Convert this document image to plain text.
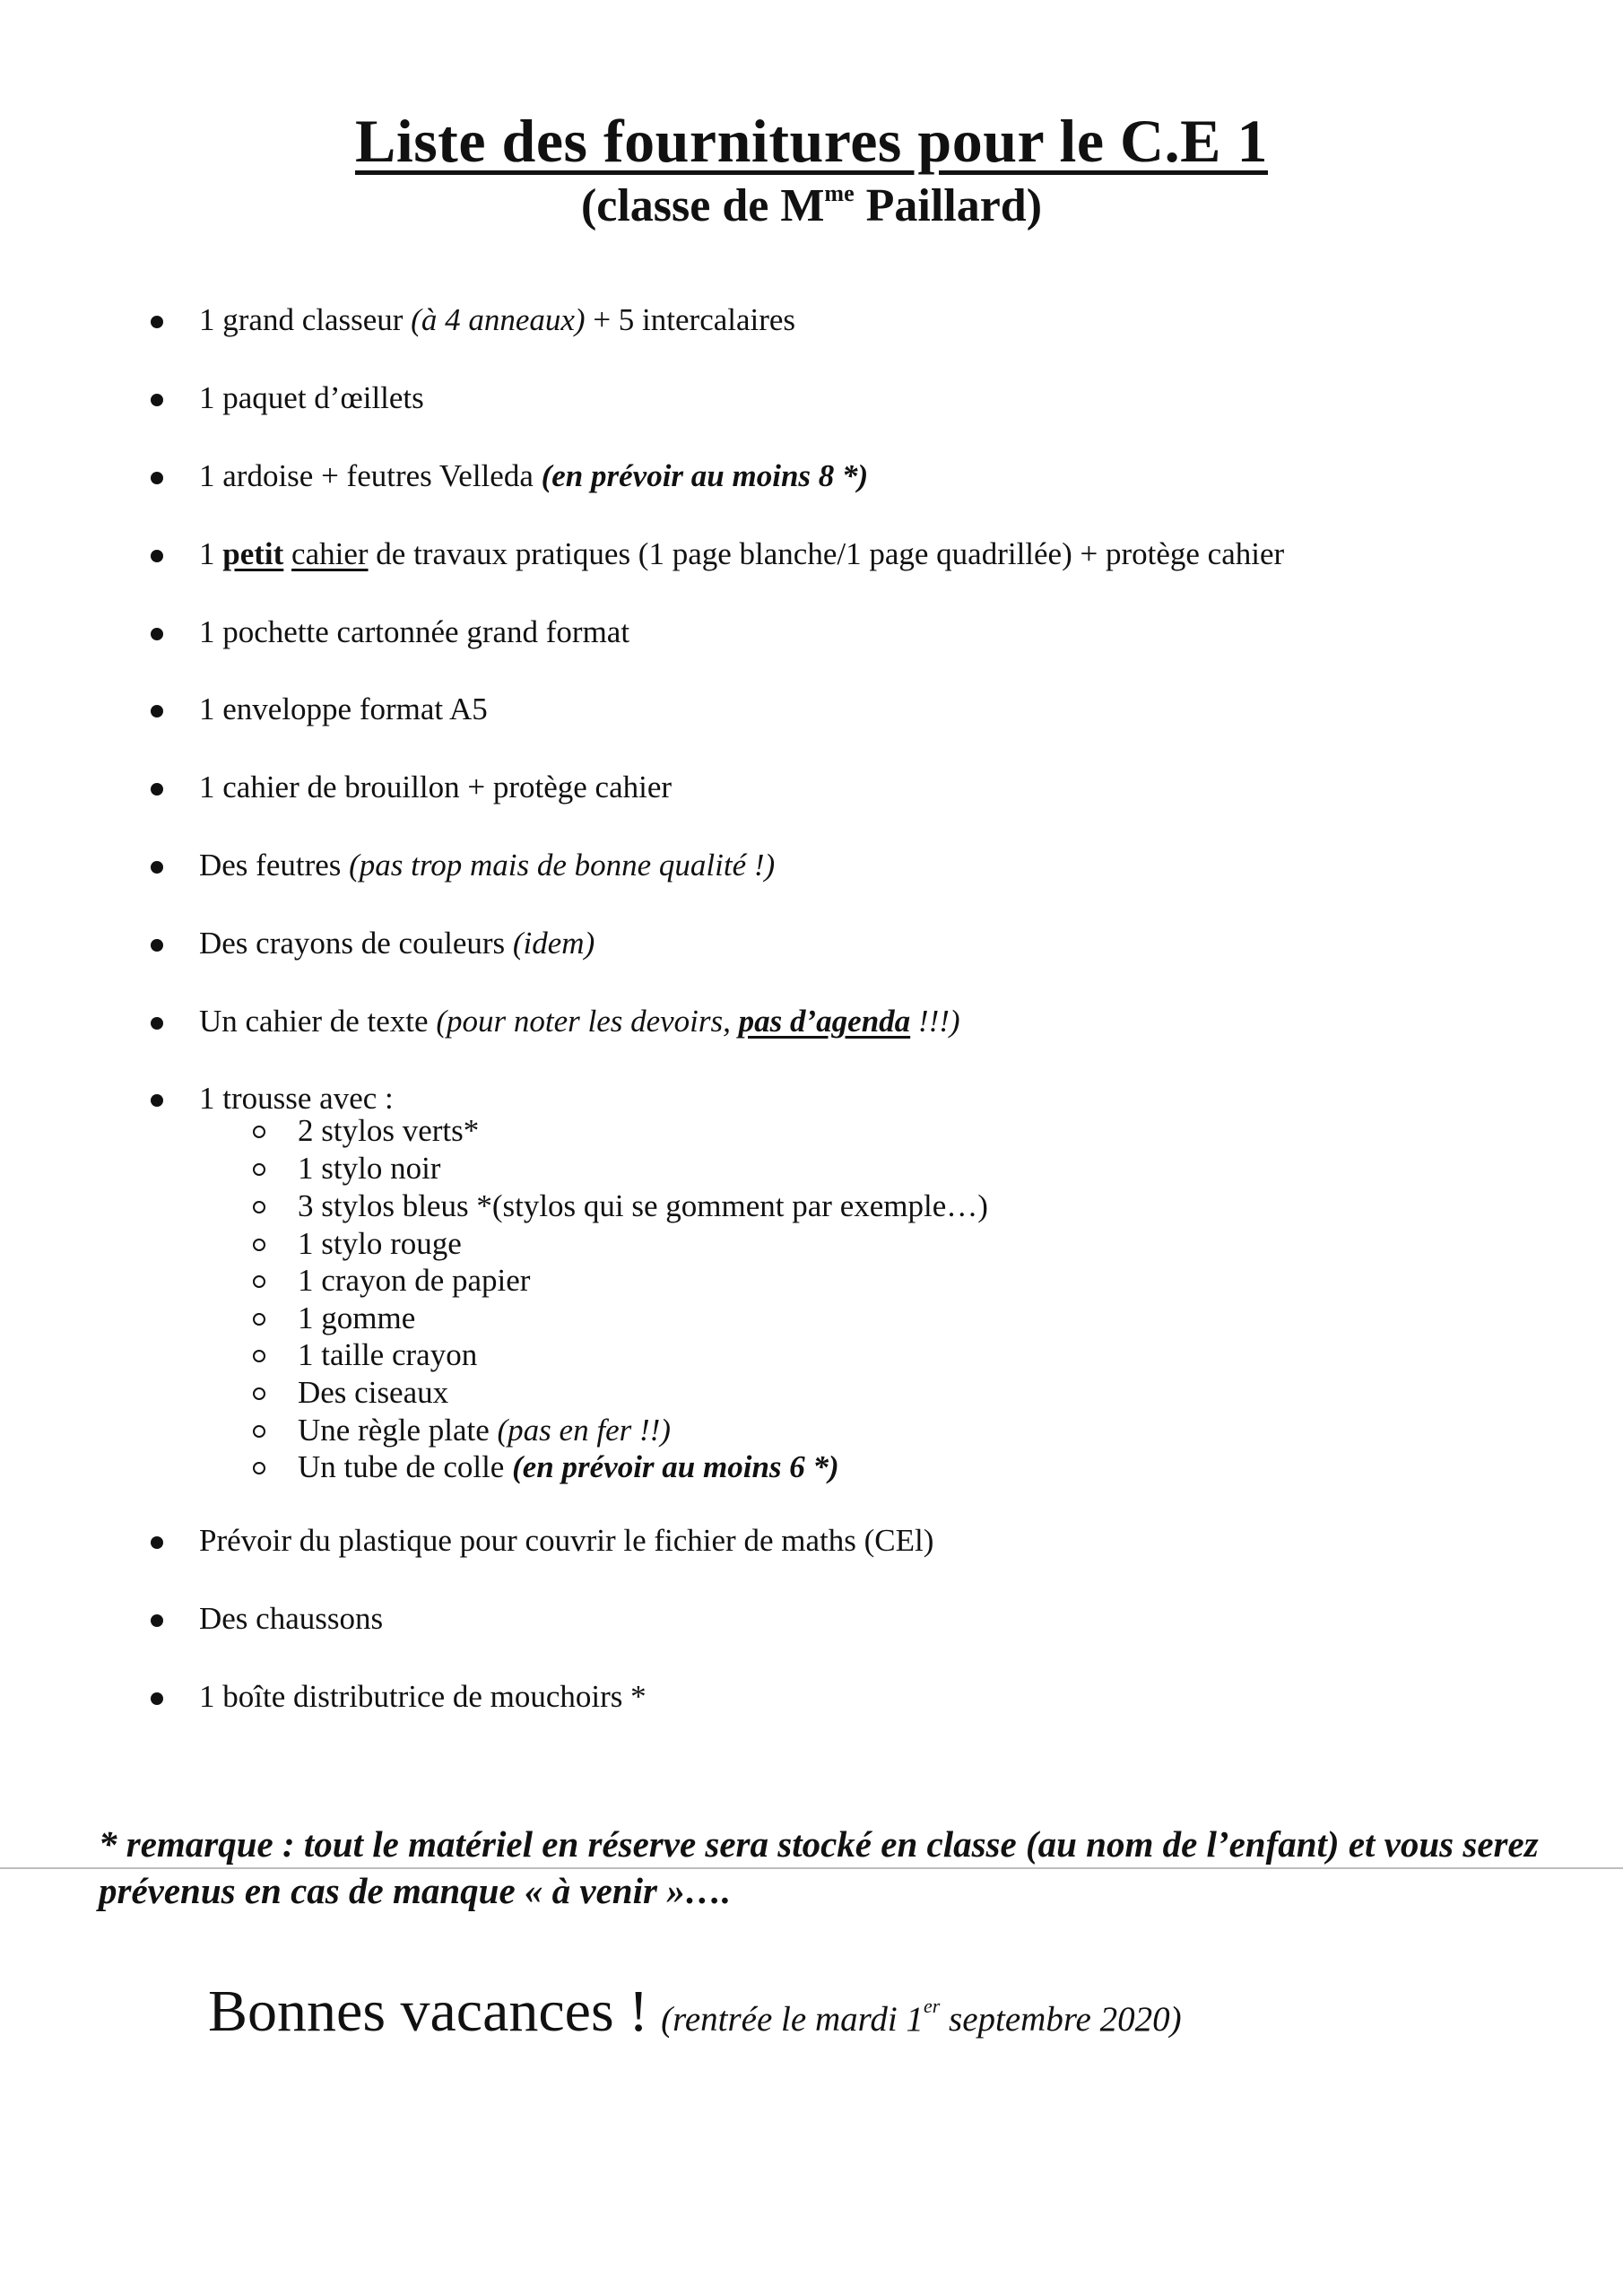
Liste des fournitures pour le C.E 1
(classe de $M^{me}$ Paillard)
1 grand classeur (à 4 anneaux) + 5 intercalaires
1 paquet d’œillets
1 ardoise + feutres Velleda (en prévoir au moins 8 *)
1 petit cahier de travaux pratiques (1 page blanche/1 page quadrillée) + protège cahier
1 pochette cartonnée grand format
1 enveloppe format A5
1 cahier de brouillon + protège cahier
Des feutres (pas trop mais de bonne qualité !)
Des crayons de couleurs (idem)
Un cahier de texte (pour noter les devoirs, pas d’agenda !!!)
1 trousse avec :
Prévoir du plastique pour couvrir le fichier de maths (CEl)
Des chaussons
1 boîte distributrice de mouchoirs *
2 stylos verts*
1 stylo noir
3 stylos bleus *(stylos qui se gomment par exemple…)
1 stylo rouge
1 crayon de papier
1 gomme
1 taille crayon
Des ciseaux
Une règle plate (pas en fer !!)
Un tube de colle (en prévoir au moins 6 *)
* remarque : tout le matériel en réserve sera stocké en classe (au nom de l’enfant) et vous serez prévenus en cas de manque « à venir »….
Bonnes vacances ! (rentrée le mardi 1er septembre 2020)
